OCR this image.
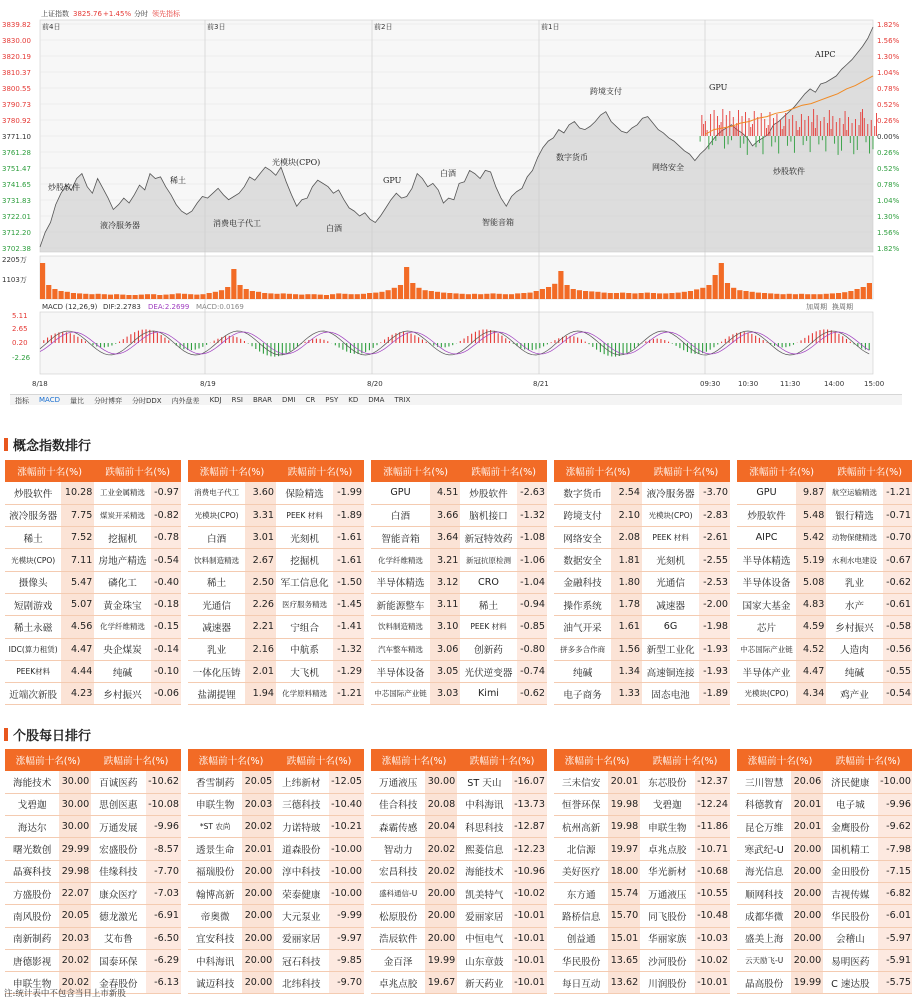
上证指数 3825.76 +1.45% 分时 领先指标
3839.82	1.82%
3830.00	1.56%
3820.19	1.30%
3810.37	1.04%
3800.55	0.78%
3790.73	0.52%
3780.92	0.26%
3771.10	0.00%
3761.28	0.26%
3751.47	0.52%
3741.65	0.78%
3731.83	1.04%
3722.01	1.30%
3712.20	1.56%
3702.38	1.82%
前4日	前3日	前2日	前1日
炒股软件
液冷服务器
稀土
消费电子代工
光模块(CPO)
白酒
GPU
白酒
智能音箱
数字货币
跨境支付
网络安全
GPU
炒股软件
AIPC
2205万
1103万
MACD (12,26,9) DIF:2.2783 DEA:2.2699 MACD:0.0169	加周期 换周期
5.11
2.65
0.20
-2.26
8/18	8/19	8/20	8/21	09:30	10:30	11:30	14:00	15:00
指标	MACD	量比	分时博弈	分时DDX	内外盘差	KDJ	RSI	BRAR	DMI	CR	PSY	KD	DMA	TRIX
概念指数排行
涨幅前十名(%)		跌幅前十名(%)	
炒股软件	10.28	工业金属精选	-0.97
液冷服务器	7.75	煤炭开采精选	-0.82
稀土	7.52	挖掘机	-0.78
光模块(CPO)	7.11	房地产精选	-0.54
摄像头	5.47	磷化工	-0.40
短剧游戏	5.07	黄金珠宝	-0.18
稀土永磁	4.56	化学纤维精选	-0.15
IDC(算力租赁)	4.47	央企煤炭	-0.14
PEEK材料	4.44	纯碱	-0.10
近端次新股	4.23	乡村振兴	-0.06
涨幅前十名(%)		跌幅前十名(%)	
消费电子代工	3.60	保险精选	-1.99
光模块(CPO)	3.31	PEEK 材料	-1.89
白酒	3.01	光刻机	-1.61
饮料制造精选	2.67	挖掘机	-1.61
稀土	2.50	军工信息化	-1.50
光通信	2.26	医疗服务精选	-1.45
减速器	2.21	宁组合	-1.41
乳业	2.16	中航系	-1.32
一体化压铸	2.01	大飞机	-1.29
盐湖提锂	1.94	化学原料精选	-1.21
涨幅前十名(%)		跌幅前十名(%)	
GPU	4.51	炒股软件	-2.63
白酒	3.66	脑机接口	-1.32
智能音箱	3.64	新冠特效药	-1.08
化学纤维精选	3.21	新冠抗原检测	-1.06
半导体精选	3.12	CRO	-1.04
新能源整车	3.11	稀土	-0.94
饮料制造精选	3.10	PEEK 材料	-0.85
汽车整车精选	3.06	创新药	-0.80
半导体设备	3.05	光伏逆变器	-0.74
中芯国际产业链	3.03	Kimi	-0.62
涨幅前十名(%)		跌幅前十名(%)	
数字货币	2.54	液冷服务器	-3.70
跨境支付	2.10	光模块(CPO)	-2.83
网络安全	2.08	PEEK 材料	-2.61
数据安全	1.81	光刻机	-2.55
金融科技	1.80	光通信	-2.53
操作系统	1.78	减速器	-2.00
油气开采	1.61	6G	-1.98
拼多多合作商	1.56	新型工业化	-1.93
纯碱	1.34	高速铜连接	-1.93
电子商务	1.33	固态电池	-1.89
涨幅前十名(%)		跌幅前十名(%)	
GPU	9.87	航空运输精选	-1.21
炒股软件	5.48	银行精选	-0.71
AIPC	5.42	动物保健精选	-0.70
半导体精选	5.19	水利水电建设	-0.67
半导体设备	5.08	乳业	-0.62
国家大基金	4.83	水产	-0.61
芯片	4.59	乡村振兴	-0.58
中芯国际产业链	4.52	人造肉	-0.56
半导体产业	4.47	纯碱	-0.55
光模块(CPO)	4.34	鸡产业	-0.54
个股每日排行
涨幅前十名(%)		跌幅前十名(%)	
海能技术	30.00	百诚医药	-10.62
戈碧迦	30.00	思创医惠	-10.08
海达尔	30.00	万通发展	-9.96
曙光数创	29.99	宏盛股份	-8.57
晶赛科技	29.98	佳缘科技	-7.70
方盛股份	22.07	康众医疗	-7.03
南风股份	20.05	德龙激光	-6.91
南新制药	20.03	艾布鲁	-6.50
唐德影视	20.02	国泰环保	-6.29
申联生物	20.02	金春股份	-6.13
涨幅前十名(%)		跌幅前十名(%)	
香雪制药	20.05	上纬新材	-12.05
申联生物	20.03	三德科技	-10.40
*ST 农尚	20.02	力诺特玻	-10.21
透景生命	20.01	道森股份	-10.00
福瑞股份	20.00	淳中科技	-10.00
翰博高新	20.00	荣泰健康	-10.00
帝奥微	20.00	大元泵业	-9.99
宜安科技	20.00	爱丽家居	-9.97
中科海讯	20.00	冠石科技	-9.85
诚迈科技	20.00	北纬科技	-9.70
涨幅前十名(%)		跌幅前十名(%)	
万通液压	30.00	ST 天山	-16.07
佳合科技	20.08	中科海讯	-13.73
森霸传感	20.04	科思科技	-12.87
智动力	20.02	熙菱信息	-12.23
宏昌科技	20.02	海能技术	-10.96
盛科通信-U	20.00	凯美特气	-10.02
松原股份	20.00	爱丽家居	-10.01
浩辰软件	20.00	中恒电气	-10.01
金百泽	19.99	山东章鼓	-10.01
卓兆点胶	19.67	新天药业	-10.01
涨幅前十名(%)		跌幅前十名(%)	
三未信安	20.01	东芯股份	-12.37
恒誉环保	19.98	戈碧迦	-12.24
杭州高新	19.98	申联生物	-11.86
北信源	19.97	卓兆点胶	-10.71
美好医疗	18.00	华光新材	-10.68
东方通	15.74	万通液压	-10.55
路桥信息	15.70	同飞股份	-10.48
创益通	15.01	华丽家族	-10.03
华民股份	13.65	沙河股份	-10.02
每日互动	13.62	川润股份	-10.01
涨幅前十名(%)		跌幅前十名(%)	
三川智慧	20.06	济民健康	-10.00
科德教育	20.01	电子城	-9.96
昆仑万维	20.01	金鹰股份	-9.62
寒武纪-U	20.00	国机精工	-7.98
海光信息	20.00	金田股份	-7.15
顺网科技	20.00	吉视传媒	-6.82
成都华微	20.00	华民股份	-6.01
盛美上海	20.00	会稽山	-5.97
云天励飞-U	20.00	易明医药	-5.91
晶高股份	19.99	C 速达股	-5.75
注:统计表中不包含当日上市新股
